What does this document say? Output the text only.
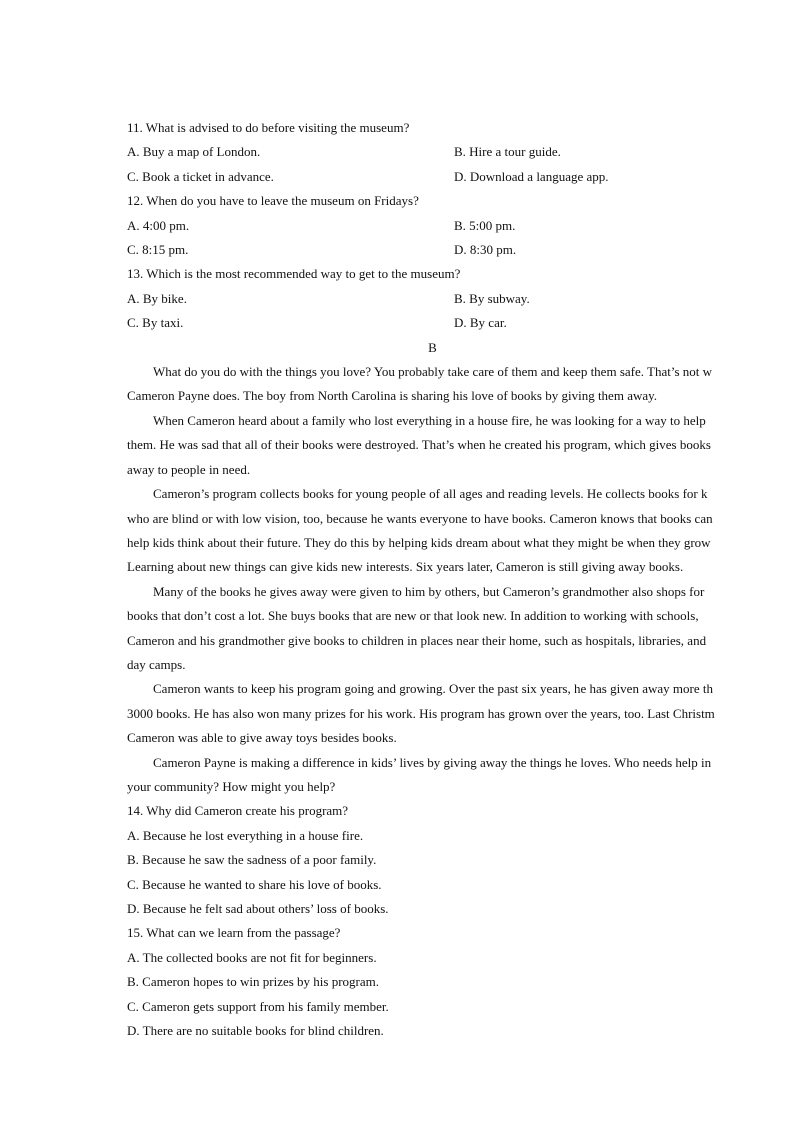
11. What is advised to do before visiting the museum?
A. Buy a map of London.	B. Hire a tour guide.
C. Book a ticket in advance.	D. Download a language app.
12. When do you have to leave the museum on Fridays?
A. 4:00 pm.	B. 5:00 pm.
C. 8:15 pm.	D. 8:30 pm.
13. Which is the most recommended way to get to the museum?
A. By bike.	B. By subway.
C. By taxi.	D. By car.
B
What do you do with the things you love? You probably take care of them and keep them safe. That’s not w
Cameron Payne does. The boy from North Carolina is sharing his love of books by giving them away.
When Cameron heard about a family who lost everything in a house fire, he was looking for a way to help
them. He was sad that all of their books were destroyed. That’s when he created his program, which gives books
away to people in need.
Cameron’s program collects books for young people of all ages and reading levels. He collects books for k
who are blind or with low vision, too, because he wants everyone to have books. Cameron knows that books can
help kids think about their future. They do this by helping kids dream about what they might be when they grow
Learning about new things can give kids new interests. Six years later, Cameron is still giving away books.
Many of the books he gives away were given to him by others, but Cameron’s grandmother also shops for
books that don’t cost a lot. She buys books that are new or that look new. In addition to working with schools,
Cameron and his grandmother give books to children in places near their home, such as hospitals, libraries, and
day camps.
Cameron wants to keep his program going and growing. Over the past six years, he has given away more th
3000 books. He has also won many prizes for his work. His program has grown over the years, too. Last Christm
Cameron was able to give away toys besides books.
Cameron Payne is making a difference in kids’ lives by giving away the things he loves. Who needs help in
your community? How might you help?
14. Why did Cameron create his program?
A. Because he lost everything in a house fire.
B. Because he saw the sadness of a poor family.
C. Because he wanted to share his love of books.
D. Because he felt sad about others’ loss of books.
15. What can we learn from the passage?
A. The collected books are not fit for beginners.
B. Cameron hopes to win prizes by his program.
C. Cameron gets support from his family member.
D. There are no suitable books for blind children.
